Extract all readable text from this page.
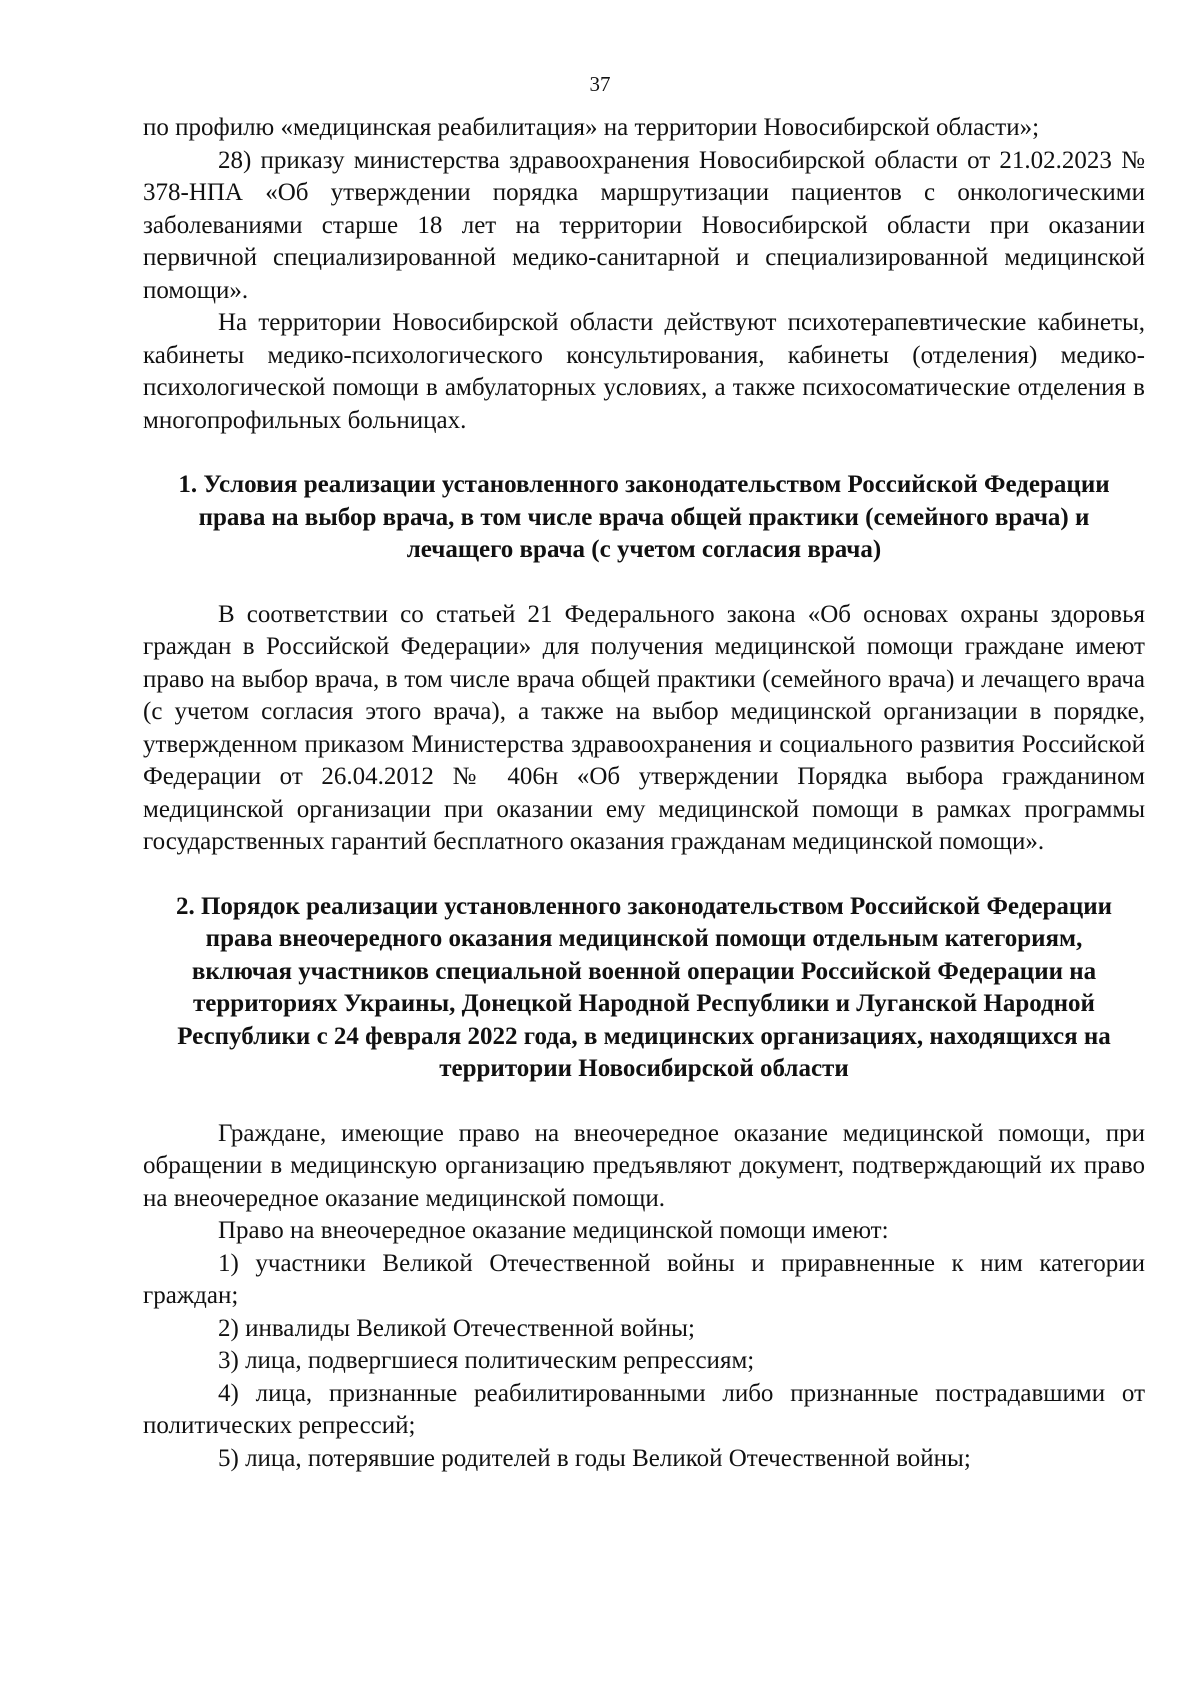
37

по профилю «медицинская реабилитация» на территории Новосибирской области»;

28) приказу министерства здравоохранения Новосибирской области от 21.02.2023 № 378-НПА «Об утверждении порядка маршрутизации пациентов с онкологическими заболеваниями старше 18 лет на территории Новосибирской области при оказании первичной специализированной медико-санитарной и специализированной медицинской помощи».

На территории Новосибирской области действуют психотерапевтические кабинеты, кабинеты медико-психологического консультирования, кабинеты (отделения) медико-психологической помощи в амбулаторных условиях, а также психосоматические отделения в многопрофильных больницах.

1. Условия реализации установленного законодательством Российской Федерации права на выбор врача, в том числе врача общей практики (семейного врача) и лечащего врача (с учетом согласия врача)

В соответствии со статьей 21 Федерального закона «Об основах охраны здоровья граждан в Российской Федерации» для получения медицинской помощи граждане имеют право на выбор врача, в том числе врача общей практики (семейного врача) и лечащего врача (с учетом согласия этого врача), а также на выбор медицинской организации в порядке, утвержденном приказом Министерства здравоохранения и социального развития Российской Федерации от 26.04.2012 № 406н «Об утверждении Порядка выбора гражданином медицинской организации при оказании ему медицинской помощи в рамках программы государственных гарантий бесплатного оказания гражданам медицинской помощи».

2. Порядок реализации установленного законодательством Российской Федерации права внеочередного оказания медицинской помощи отдельным категориям, включая участников специальной военной операции Российской Федерации на территориях Украины, Донецкой Народной Республики и Луганской Народной Республики с 24 февраля 2022 года, в медицинских организациях, находящихся на территории Новосибирской области

Граждане, имеющие право на внеочередное оказание медицинской помощи, при обращении в медицинскую организацию предъявляют документ, подтверждающий их право на внеочередное оказание медицинской помощи.

Право на внеочередное оказание медицинской помощи имеют:

1) участники Великой Отечественной войны и приравненные к ним категории граждан;

2) инвалиды Великой Отечественной войны;

3) лица, подвергшиеся политическим репрессиям;

4) лица, признанные реабилитированными либо признанные пострадавшими от политических репрессий;

5) лица, потерявшие родителей в годы Великой Отечественной войны;
